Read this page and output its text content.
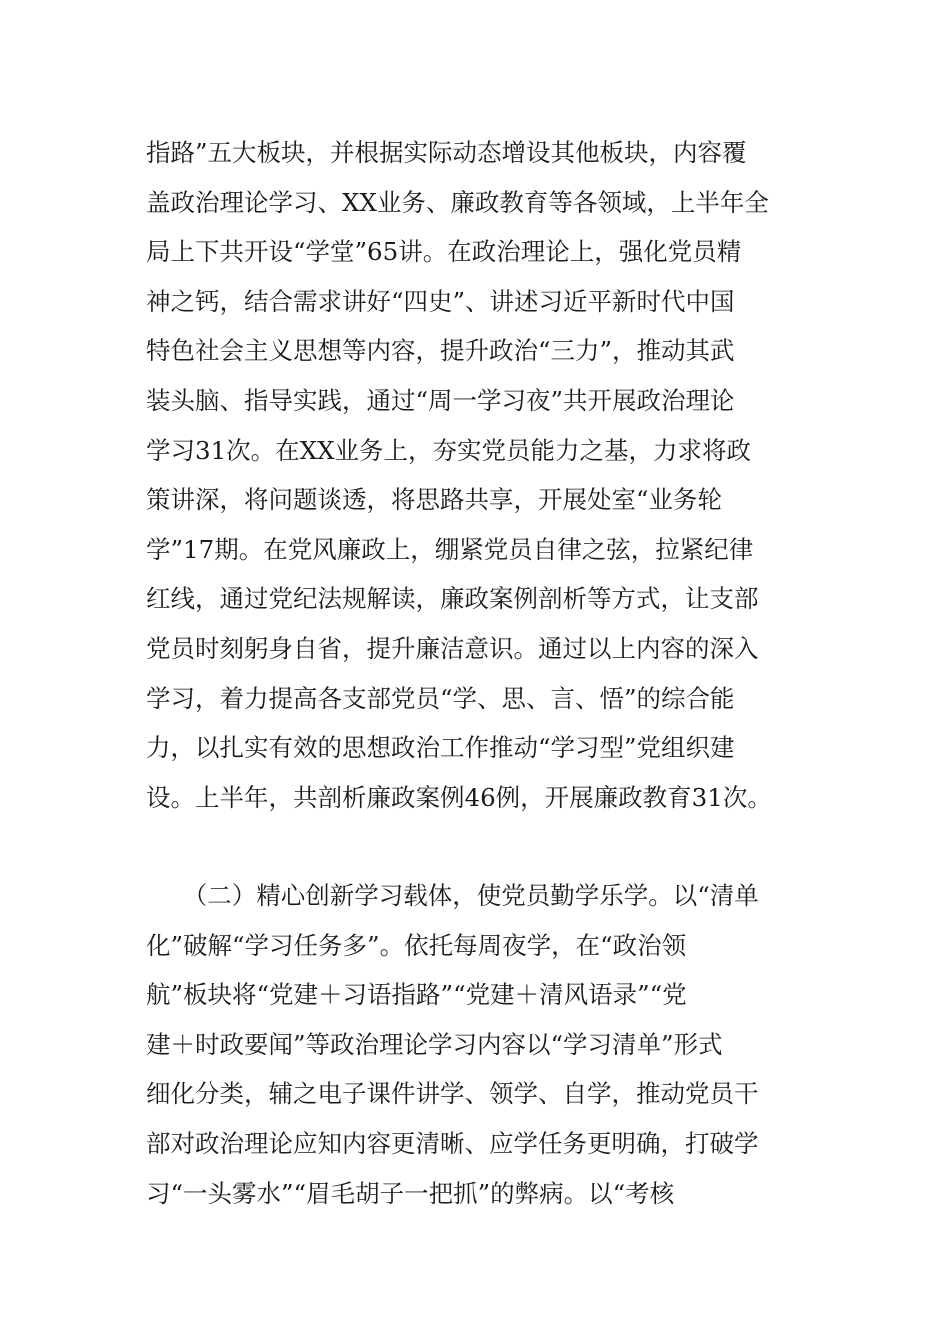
指路”五大板块，并根据实际动态增设其他板块，内容覆
盖政治理论学习、XX业务、廉政教育等各领域，上半年全
局上下共开设“学堂”65讲。在政治理论上，强化党员精
神之钙，结合需求讲好“四史”、讲述习近平新时代中国
特色社会主义思想等内容，提升政治“三力”，推动其武
装头脑、指导实践，通过“周一学习夜”共开展政治理论
学习31次。在XX业务上，夯实党员能力之基，力求将政
策讲深，将问题谈透，将思路共享，开展处室“业务轮
学”17期。在党风廉政上，绷紧党员自律之弦，拉紧纪律
红线，通过党纪法规解读，廉政案例剖析等方式，让支部
党员时刻躬身自省，提升廉洁意识。通过以上内容的深入
学习，着力提高各支部党员“学、思、言、悟”的综合能
力，以扎实有效的思想政治工作推动“学习型”党组织建
设。上半年，共剖析廉政案例46例，开展廉政教育31次。
　　（二）精心创新学习载体，使党员勤学乐学。以“清单
化”破解“学习任务多”。依托每周夜学，在“政治领
航”板块将“党建＋习语指路”“党建＋清风语录”“党
建＋时政要闻”等政治理论学习内容以“学习清单”形式
细化分类，辅之电子课件讲学、领学、自学，推动党员干
部对政治理论应知内容更清晰、应学任务更明确，打破学
习“一头雾水”“眉毛胡子一把抓”的弊病。以“考核
